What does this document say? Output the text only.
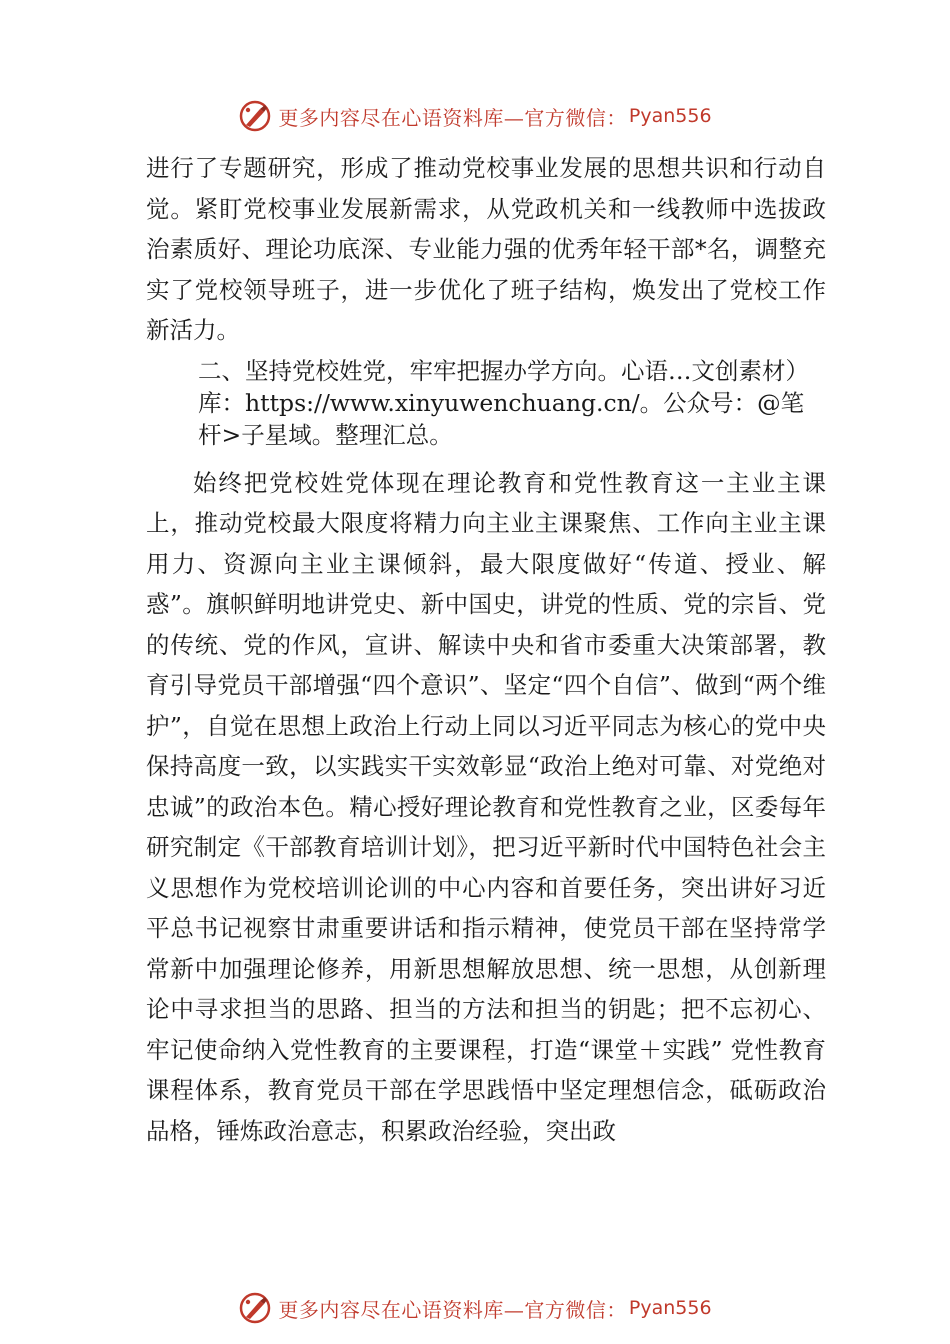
更多内容尽在心语资料库—官方微信： Pyan556

进行了专题研究，形成了推动党校事业发展的思想共识和行动自觉。紧盯党校事业发展新需求，从党政机关和一线教师中选拔政治素质好、理论功底深、专业能力强的优秀年轻干部*名，调整充实了党校领导班子，进一步优化了班子结构，焕发出了党校工作新活力。

二、坚持党校姓党，牢牢把握办学方向。心语…文创素材）库：https://www.xinyuwenchuang.cn/。公众号：@笔杆>子星域。整理汇总。

始终把党校姓党体现在理论教育和党性教育这一主业主课上，推动党校最大限度将精力向主业主课聚焦、工作向主业主课用力、资源向主业主课倾斜，最大限度做好“传道、授业、解惑”。旗帜鲜明地讲党史、新中国史，讲党的性质、党的宗旨、党的传统、党的作风，宣讲、解读中央和省市委重大决策部署，教育引导党员干部增强“四个意识”、坚定“四个自信”、做到“两个维护”，自觉在思想上政治上行动上同以习近平同志为核心的党中央保持高度一致，以实践实干实效彰显“政治上绝对可靠、对党绝对忠诚”的政治本色。精心授好理论教育和党性教育之业，区委每年研究制定《干部教育培训计划》，把习近平新时代中国特色社会主义思想作为党校培训论训的中心内容和首要任务，突出讲好习近平总书记视察甘肃重要讲话和指示精神，使党员干部在坚持常学常新中加强理论修养，用新思想解放思想、统一思想，从创新理论中寻求担当的思路、担当的方法和担当的钥匙；把不忘初心、牢记使命纳入党性教育的主要课程，打造“课堂＋实践” 党性教育课程体系，教育党员干部在学思践悟中坚定理想信念，砥砺政治品格，锤炼政治意志，积累政治经验，突出政

更多内容尽在心语资料库—官方微信： Pyan556
